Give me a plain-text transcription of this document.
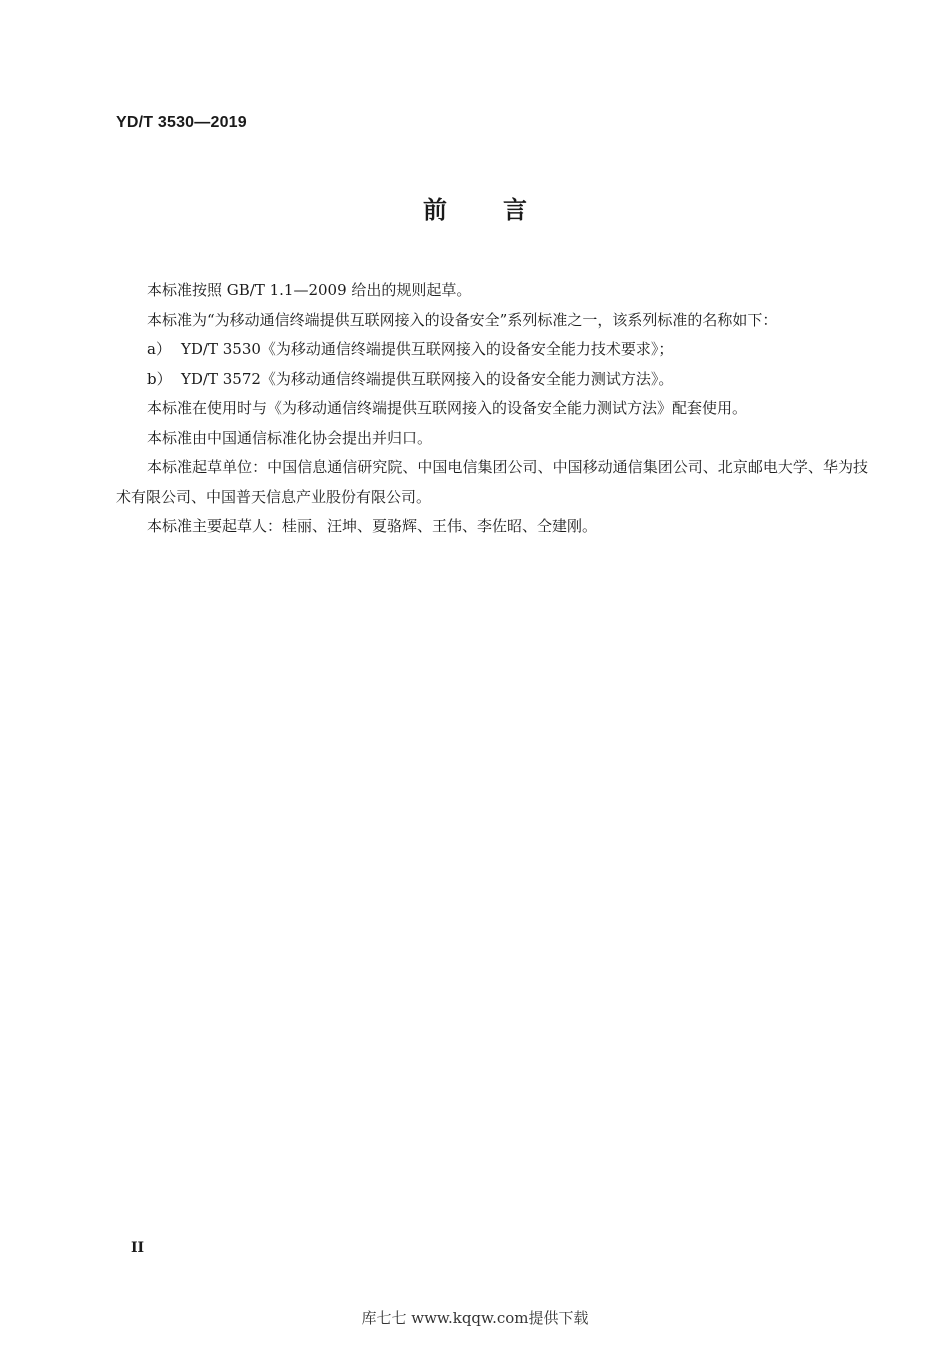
YD/T 3530—2019
前言

本标准按照 GB/T 1.1—2009 给出的规则起草。

本标准为“为移动通信终端提供互联网接入的设备安全”系列标准之一，该系列标准的名称如下：

a） YD/T 3530《为移动通信终端提供互联网接入的设备安全能力技术要求》；

b） YD/T 3572《为移动通信终端提供互联网接入的设备安全能力测试方法》。

本标准在使用时与《为移动通信终端提供互联网接入的设备安全能力测试方法》配套使用。

本标准由中国通信标准化协会提出并归口。

本标准起草单位：中国信息通信研究院、中国电信集团公司、中国移动通信集团公司、北京邮电大学、华为技术有限公司、中国普天信息产业股份有限公司。

本标准主要起草人：桂丽、汪坤、夏骆辉、王伟、李佐昭、仝建刚。

II
库七七 www.kqqw.com提供下载
